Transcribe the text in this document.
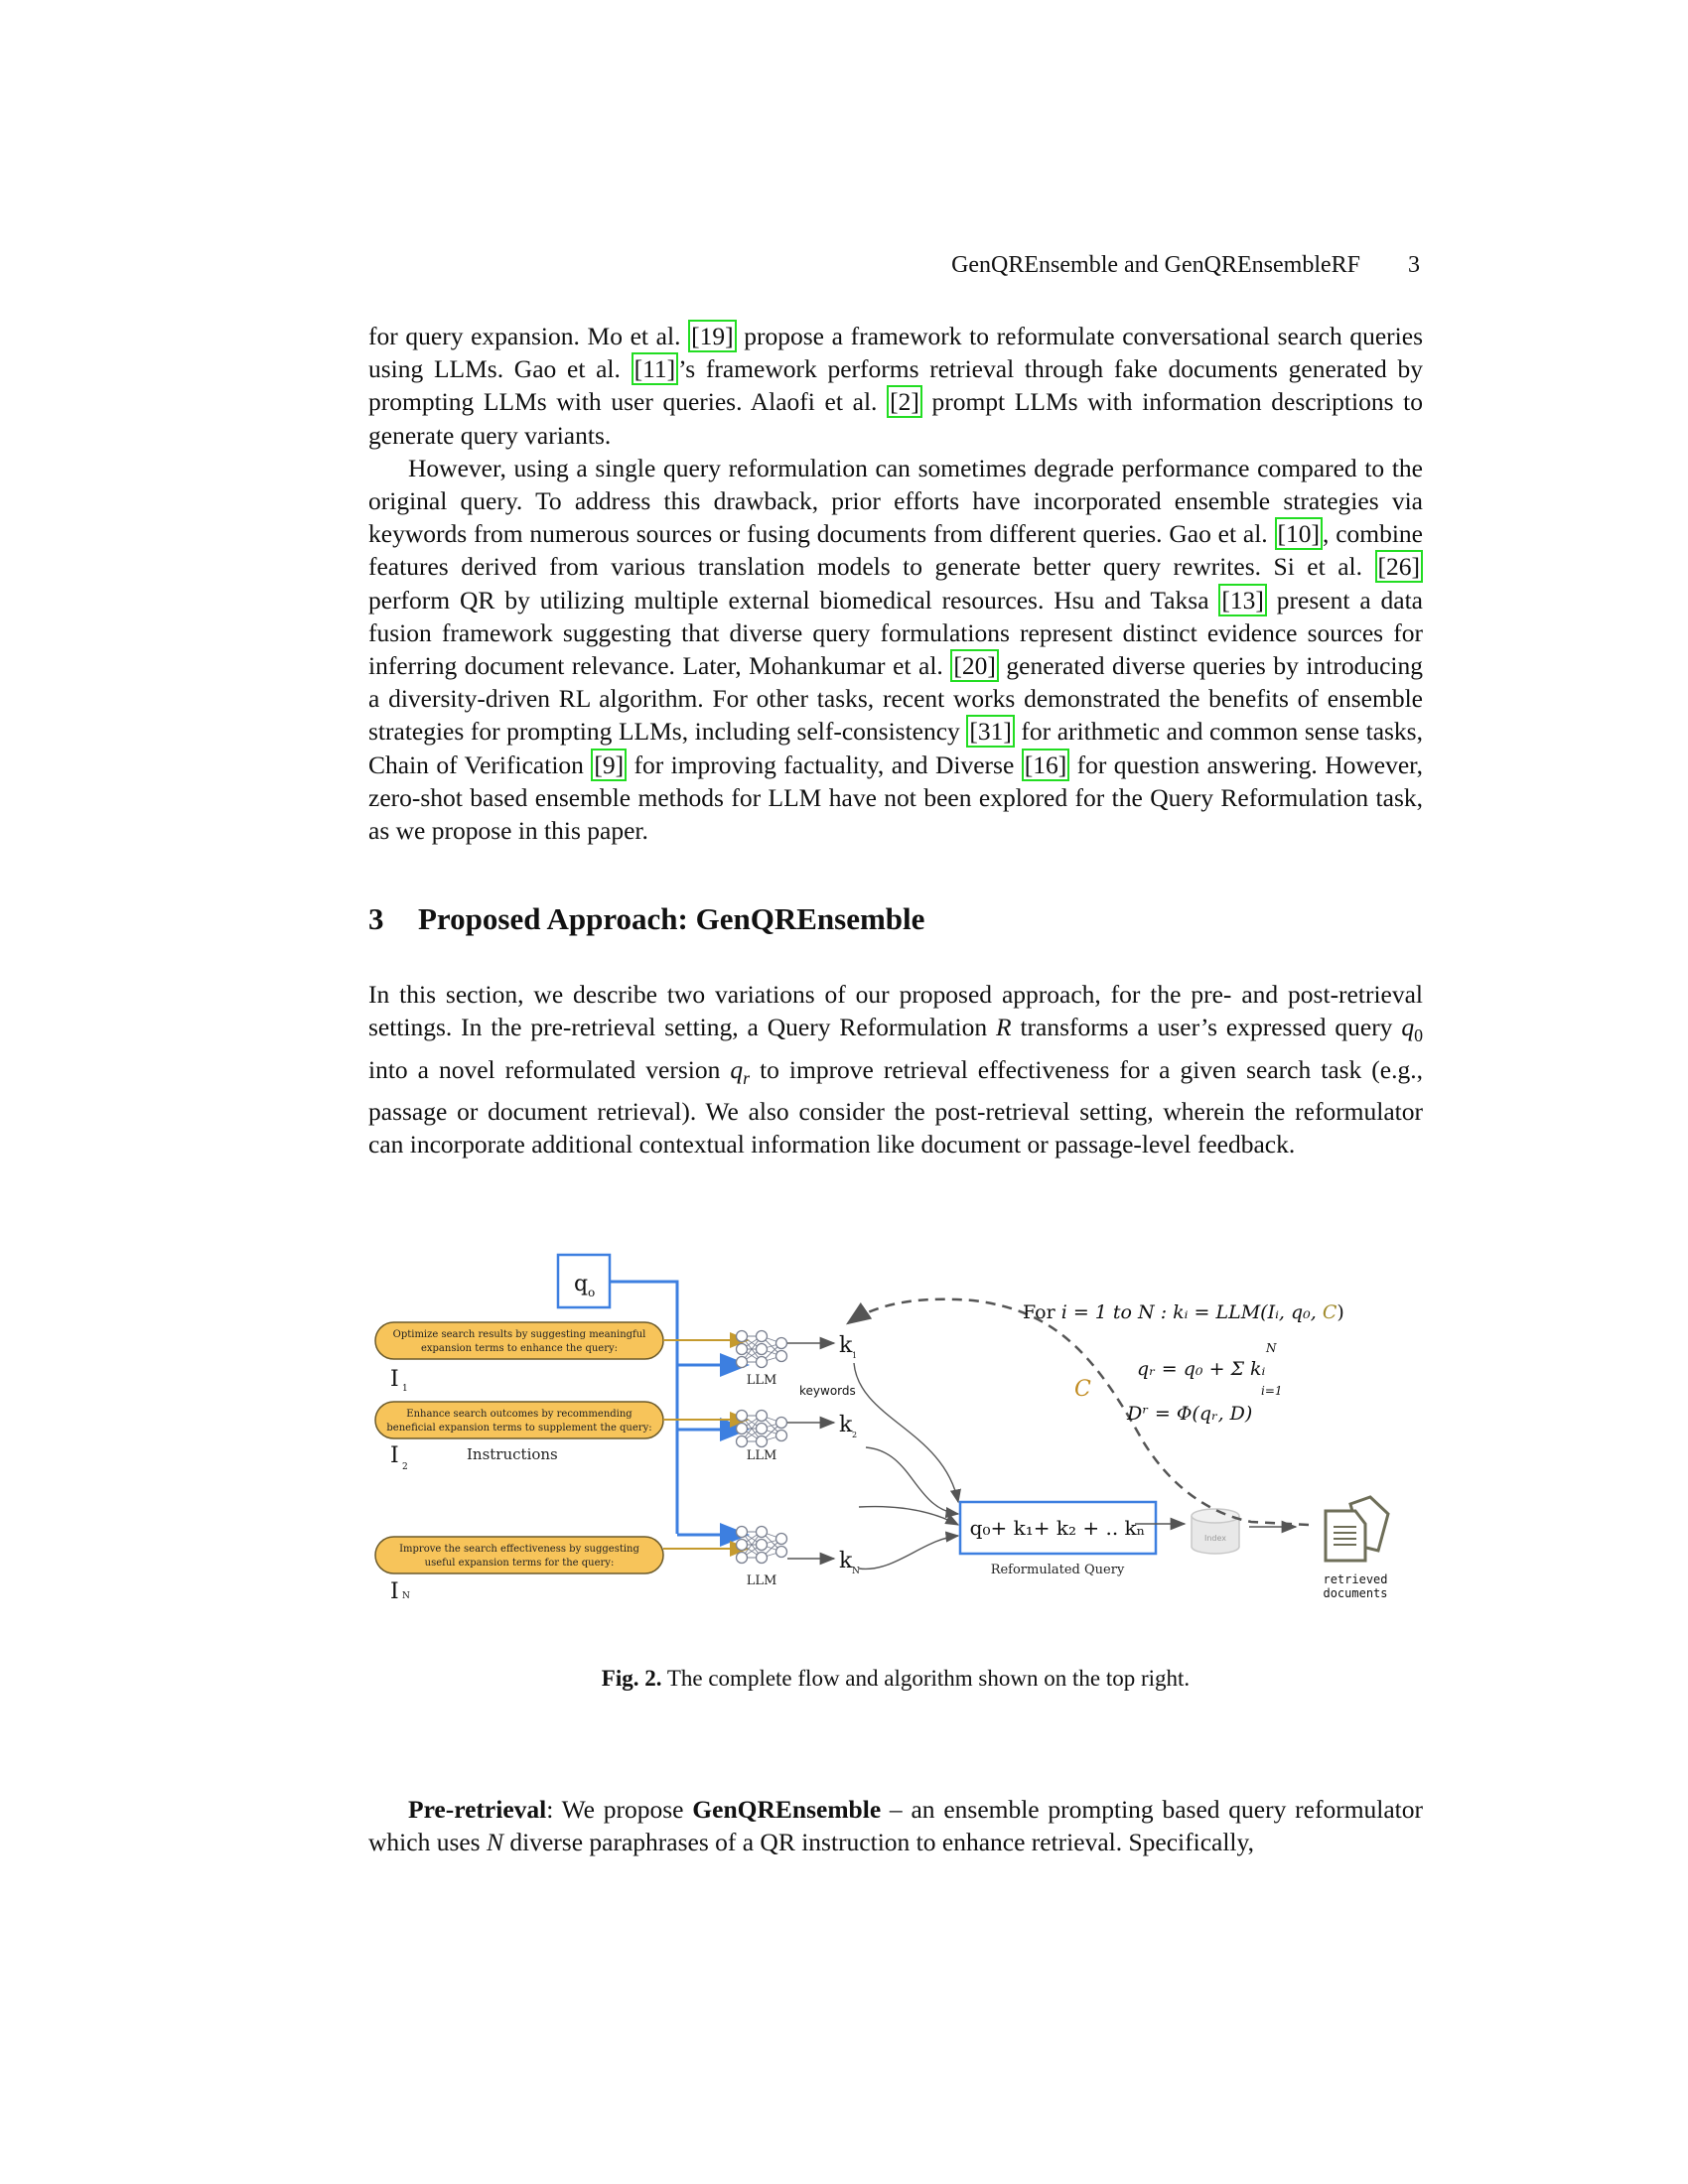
GenQREnsemble and GenQREnsembleRF 3

for query expansion. Mo et al. [19] propose a framework to reformulate conversational search queries using LLMs. Gao et al. [11] ’s framework performs retrieval through fake documents generated by prompting LLMs with user queries. Alaofi et al. [2] prompt LLMs with information descriptions to generate query variants.

However, using a single query reformulation can sometimes degrade performance compared to the original query. To address this drawback, prior efforts have incorporated ensemble strategies via keywords from numerous sources or fusing documents from different queries. Gao et al. [10] , combine features derived from various translation models to generate better query rewrites. Si et al. [26] perform QR by utilizing multiple external biomedical resources. Hsu and Taksa [13] present a data fusion framework suggesting that diverse query formulations represent distinct evidence sources for inferring document relevance. Later, Mohankumar et al. [20] generated diverse queries by introducing a diversity-driven RL algorithm. For other tasks, recent works demonstrated the benefits of ensemble strategies for prompting LLMs, including self-consistency [31] for arithmetic and common sense tasks, Chain of Verification [9] for improving factuality, and Diverse [16] for question answering. However, zero-shot based ensemble methods for LLM have not been explored for the Query Reformulation task, as we propose in this paper.

3 Proposed Approach: GenQREnsemble

In this section, we describe two variations of our proposed approach, for the pre- and post-retrieval settings. In the pre-retrieval setting, a Query Reformulation R transforms a user’s expressed query $q_0$ into a novel reformulated version $q_r$ to improve retrieval effectiveness for a given search task (e.g., passage or document retrieval). We also consider the post-retrieval setting, wherein the reformulator can incorporate additional contextual information like document or passage-level feedback.

q o
Optimize search results by suggesting meaningful
expansion terms to enhance the query:
I 1
Enhance search outcomes by recommending
beneficial expansion terms to supplement the query:
I 2
Instructions
Improve the search effectiveness by suggesting
useful expansion terms for the query:
I N
LLM
LLM
LLM
k 1
keywords
k 2
k N
q₀+ k₁+ k₂ + .. kₙ
Reformulated Query
Index
C
retrieved
documents
For i = 1 to N : kᵢ = LLM(Iᵢ, q₀, C)
N
qᵣ = q₀ + Σ kᵢ
i=1
Dʳ = Φ(qᵣ, D)
Fig. 2. The complete flow and algorithm shown on the top right.

Pre-retrieval: We propose GenQREnsemble – an ensemble prompting based query reformulator which uses N diverse paraphrases of a QR instruction to enhance retrieval. Specifically,
